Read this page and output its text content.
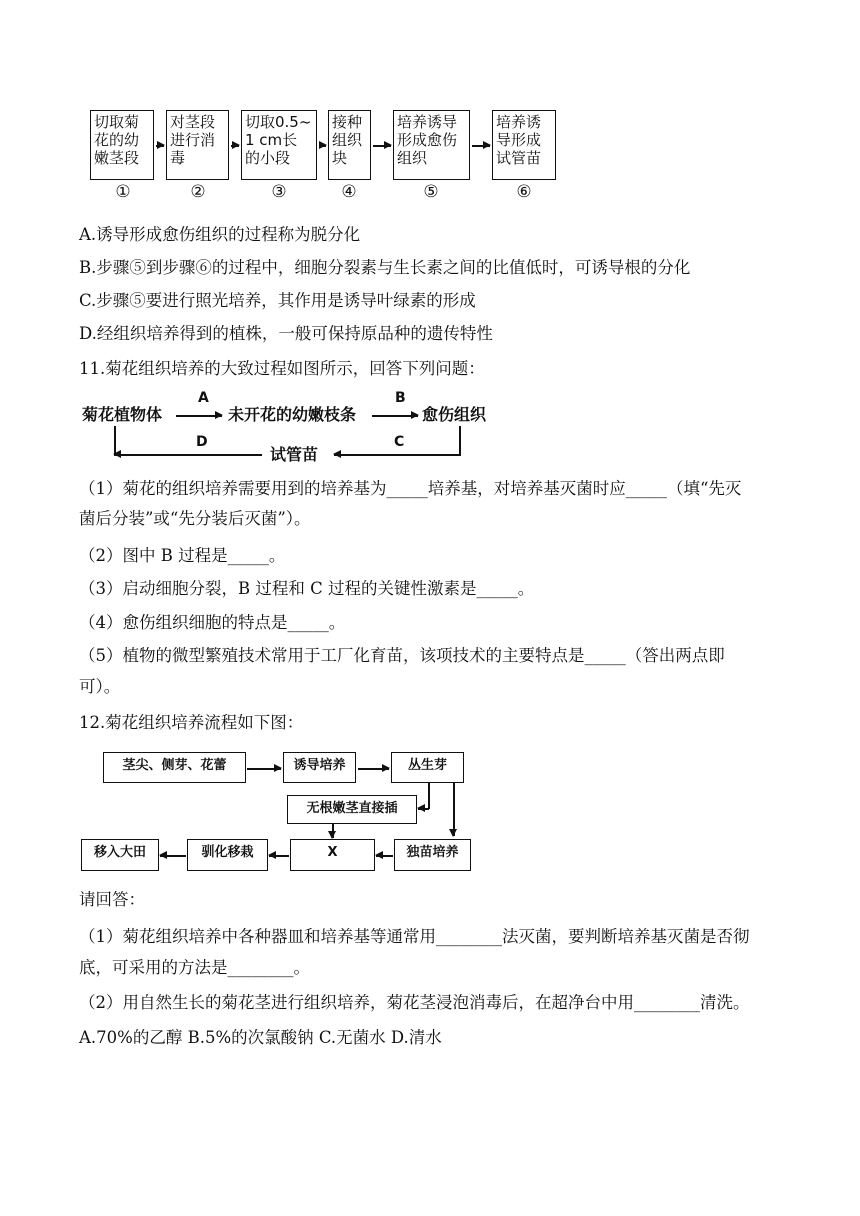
切取菊
花的幼
嫩茎段
对茎段
进行消
毒
切取0.5~
1 cm长
的小段
接种
组织
块
培养诱导
形成愈伤
组织
培养诱
导形成
试管苗
①	②	③	④	⑤	⑥
A.诱导形成愈伤组织的过程称为脱分化
B.步骤⑤到步骤⑥的过程中，细胞分裂素与生长素之间的比值低时，可诱导根的分化
C.步骤⑤要进行照光培养，其作用是诱导叶绿素的形成
D.经组织培养得到的植株，一般可保持原品种的遗传特性
11.菊花组织培养的大致过程如图所示，回答下列问题：
菊花植物体
A
未开花的幼嫩枝条
B
愈伤组织
D
试管苗
C
（1）菊花的组织培养需要用到的培养基为_____培养基，对培养基灭菌时应_____（填“先灭
菌后分装”或“先分装后灭菌”）。
（2）图中 B 过程是_____。
（3）启动细胞分裂，B 过程和 C 过程的关键性激素是_____。
（4）愈伤组织细胞的特点是_____。
（5）植物的微型繁殖技术常用于工厂化育苗，该项技术的主要特点是_____（答出两点即
可）。
12.菊花组织培养流程如下图：
茎尖、侧芽、花蕾	诱导培养	丛生芽
无根嫩茎直接插
X	独苗培养
驯化移栽
移入大田
请回答：
（1）菊花组织培养中各种器皿和培养基等通常用________法灭菌，要判断培养基灭菌是否彻
底，可采用的方法是________。
（2）用自然生长的菊花茎进行组织培养，菊花茎浸泡消毒后，在超净台中用________清洗。
A.70%的乙醇 B.5%的次氯酸钠 C.无菌水 D.清水
